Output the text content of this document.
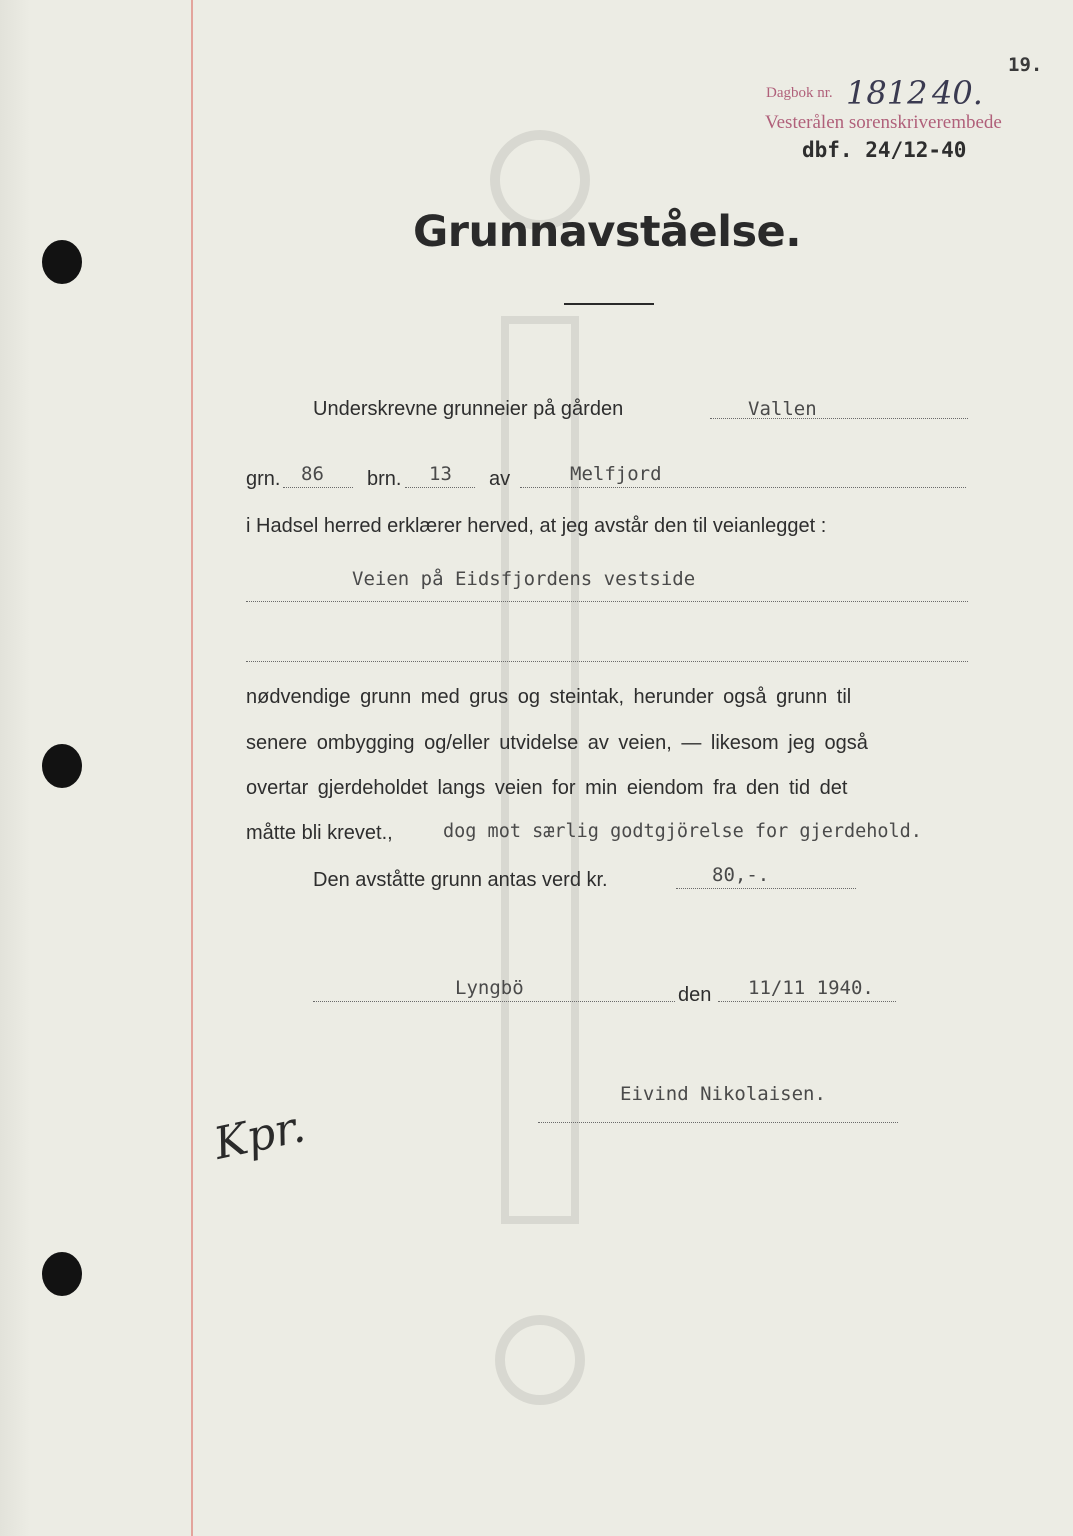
19.
Dagbok nr. 1812 40.
Vesterålen sorenskriverembede
dbf. 24/12-40
Grunnavståelse.
Underskrevne grunneier på gården	Vallen
grn. 86 brn. 13 av	Melfjord
i Hadsel herred erklærer herved, at jeg avstår den til veianlegget :
Veien på Eidsfjordens vestside
nødvendige grunn med grus og steintak, herunder også grunn til
senere ombygging og/eller utvidelse av veien, — likesom jeg også
overtar gjerdeholdet langs veien for min eiendom fra den tid det
måtte bli krevet.,	dog mot særlig godtgjörelse for gjerdehold.
Den avståtte grunn antas verd kr.	80,-.
Lyngbö	den 11/11 1940.
Eivind Nikolaisen.
Kpr.
